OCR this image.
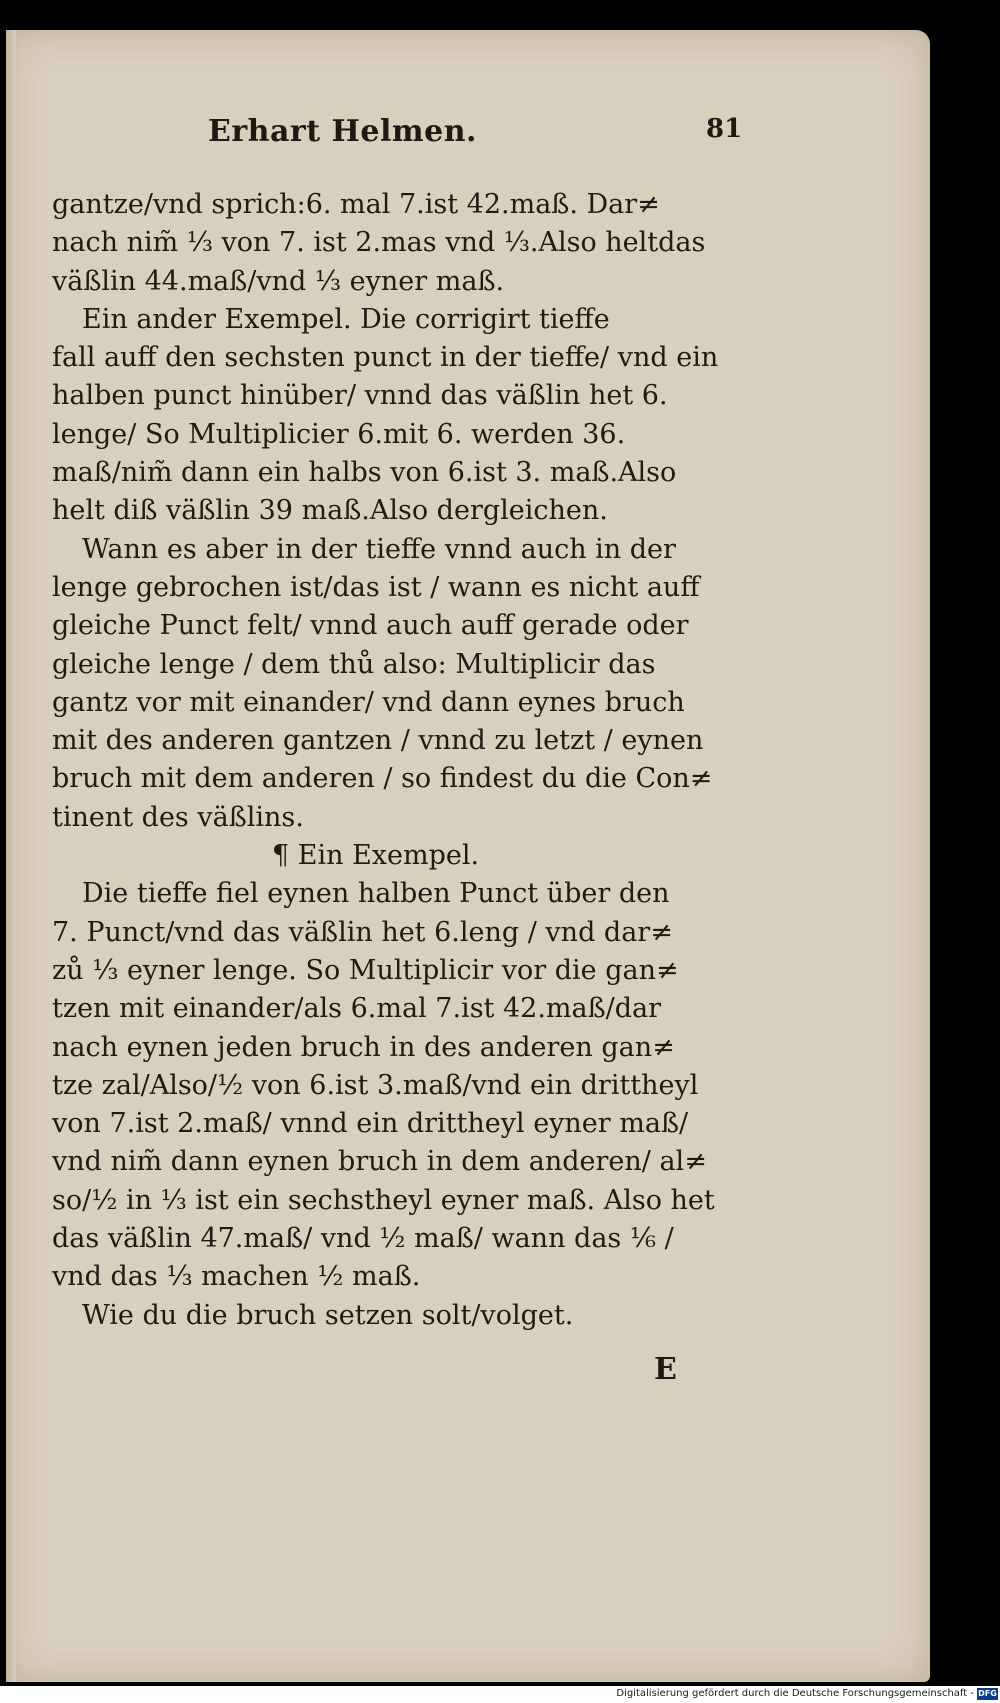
Erhart Helmen.	81
gantze/vnd sprich:6. mal 7.ist 42.maß. Dar≠
nach nim̃ ⅓ von 7. ist 2.mas vnd ⅓.Also heltdas
väßlin 44.maß/vnd ⅓ eyner maß.
Ein ander Exempel. Die corrigirt tieffe
fall auff den sechsten punct in der tieffe/ vnd ein
halben punct hinüber/ vnnd das väßlin het 6.
lenge/ So Multiplicier 6.mit 6. werden 36.
maß/nim̃ dann ein halbs von 6.ist 3. maß.Also
helt diß väßlin 39 maß.Also dergleichen.
Wann es aber in der tieffe vnnd auch in der
lenge gebrochen ist/das ist / wann es nicht auff
gleiche Punct felt/ vnnd auch auff gerade oder
gleiche lenge / dem thů also: Multiplicir das
gantz vor mit einander/ vnd dann eynes bruch
mit des anderen gantzen / vnnd zu letzt / eynen
bruch mit dem anderen / so findest du die Con≠
tinent des väßlins.
¶ Ein Exempel.
Die tieffe fiel eynen halben Punct über den
7. Punct/vnd das väßlin het 6.leng / vnd dar≠
zů ⅓ eyner lenge. So Multiplicir vor die gan≠
tzen mit einander/als 6.mal 7.ist 42.maß/dar
nach eynen jeden bruch in des anderen gan≠
tze zal/Also/½ von 6.ist 3.maß/vnd ein drittheyl
von 7.ist 2.maß/ vnnd ein drittheyl eyner maß/
vnd nim̃ dann eynen bruch in dem anderen/ al≠
so/½ in ⅓ ist ein sechstheyl eyner maß. Also het
das väßlin 47.maß/ vnd ½ maß/ wann das ⅙ /
vnd das ⅓ machen ½ maß.
Wie du die bruch setzen solt/volget.
E
Digitalisierung gefördert durch die Deutsche Forschungsgemeinschaft - DFG
